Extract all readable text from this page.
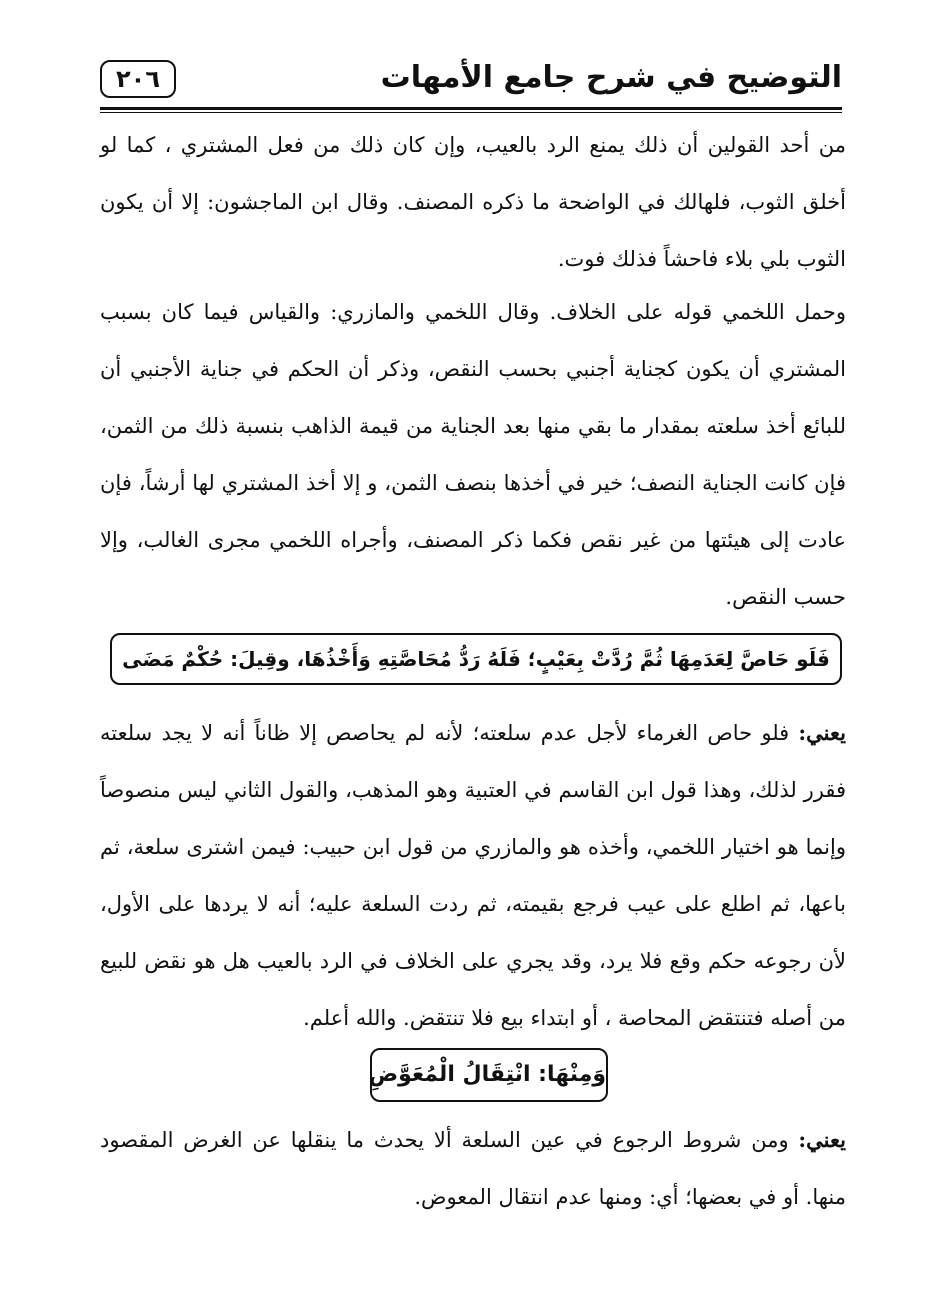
التوضيح في شرح جامع الأمهات
٢٠٦
من أحد القولين أن ذلك يمنع الرد بالعيب، وإن كان ذلك من فعل المشتري ، كما لو أخلق الثوب، فلهالك في الواضحة ما ذكره المصنف. وقال ابن الماجشون: إلا أن يكون الثوب بلي بلاء فاحشاً فذلك فوت.
وحمل اللخمي قوله على الخلاف. وقال اللخمي والمازري: والقياس فيما كان بسبب المشتري أن يكون كجناية أجنبي بحسب النقص، وذكر أن الحكم في جناية الأجنبي أن للبائع أخذ سلعته بمقدار ما بقي منها بعد الجناية من قيمة الذاهب بنسبة ذلك من الثمن، فإن كانت الجناية النصف؛ خير في أخذها بنصف الثمن، و إلا أخذ المشتري لها أرشاً، فإن عادت إلى هيئتها من غير نقص فكما ذكر المصنف، وأجراه اللخمي مجرى الغالب، وإلا حسب النقص.
فَلَو حَاصَّ لِعَدَمِهَا ثُمَّ رُدَّتْ بِعَيْبٍ؛ فَلَهُ رَدُّ مُحَاصَّتِهِ وَأَخْذُهَا، وقِيلَ: حُكْمٌ مَضَى
يعني: فلو حاص الغرماء لأجل عدم سلعته؛ لأنه لم يحاصص إلا ظاناً أنه لا يجد سلعته فقرر لذلك، وهذا قول ابن القاسم في العتبية وهو المذهب، والقول الثاني ليس منصوصاً وإنما هو اختيار اللخمي، وأخذه هو والمازري من قول ابن حبيب: فيمن اشترى سلعة، ثم باعها، ثم اطلع على عيب فرجع بقيمته، ثم ردت السلعة عليه؛ أنه لا يردها على الأول، لأن رجوعه حكم وقع فلا يرد، وقد يجري على الخلاف في الرد بالعيب هل هو نقض للبيع من أصله فتنتقض المحاصة ، أو ابتداء بيع فلا تنتقض. والله أعلم.
وَمِنْهَا: انْتِقَالُ الْمُعَوَّضِ
يعني: ومن شروط الرجوع في عين السلعة ألا يحدث ما ينقلها عن الغرض المقصود منها. أو في بعضها؛ أي: ومنها عدم انتقال المعوض.
